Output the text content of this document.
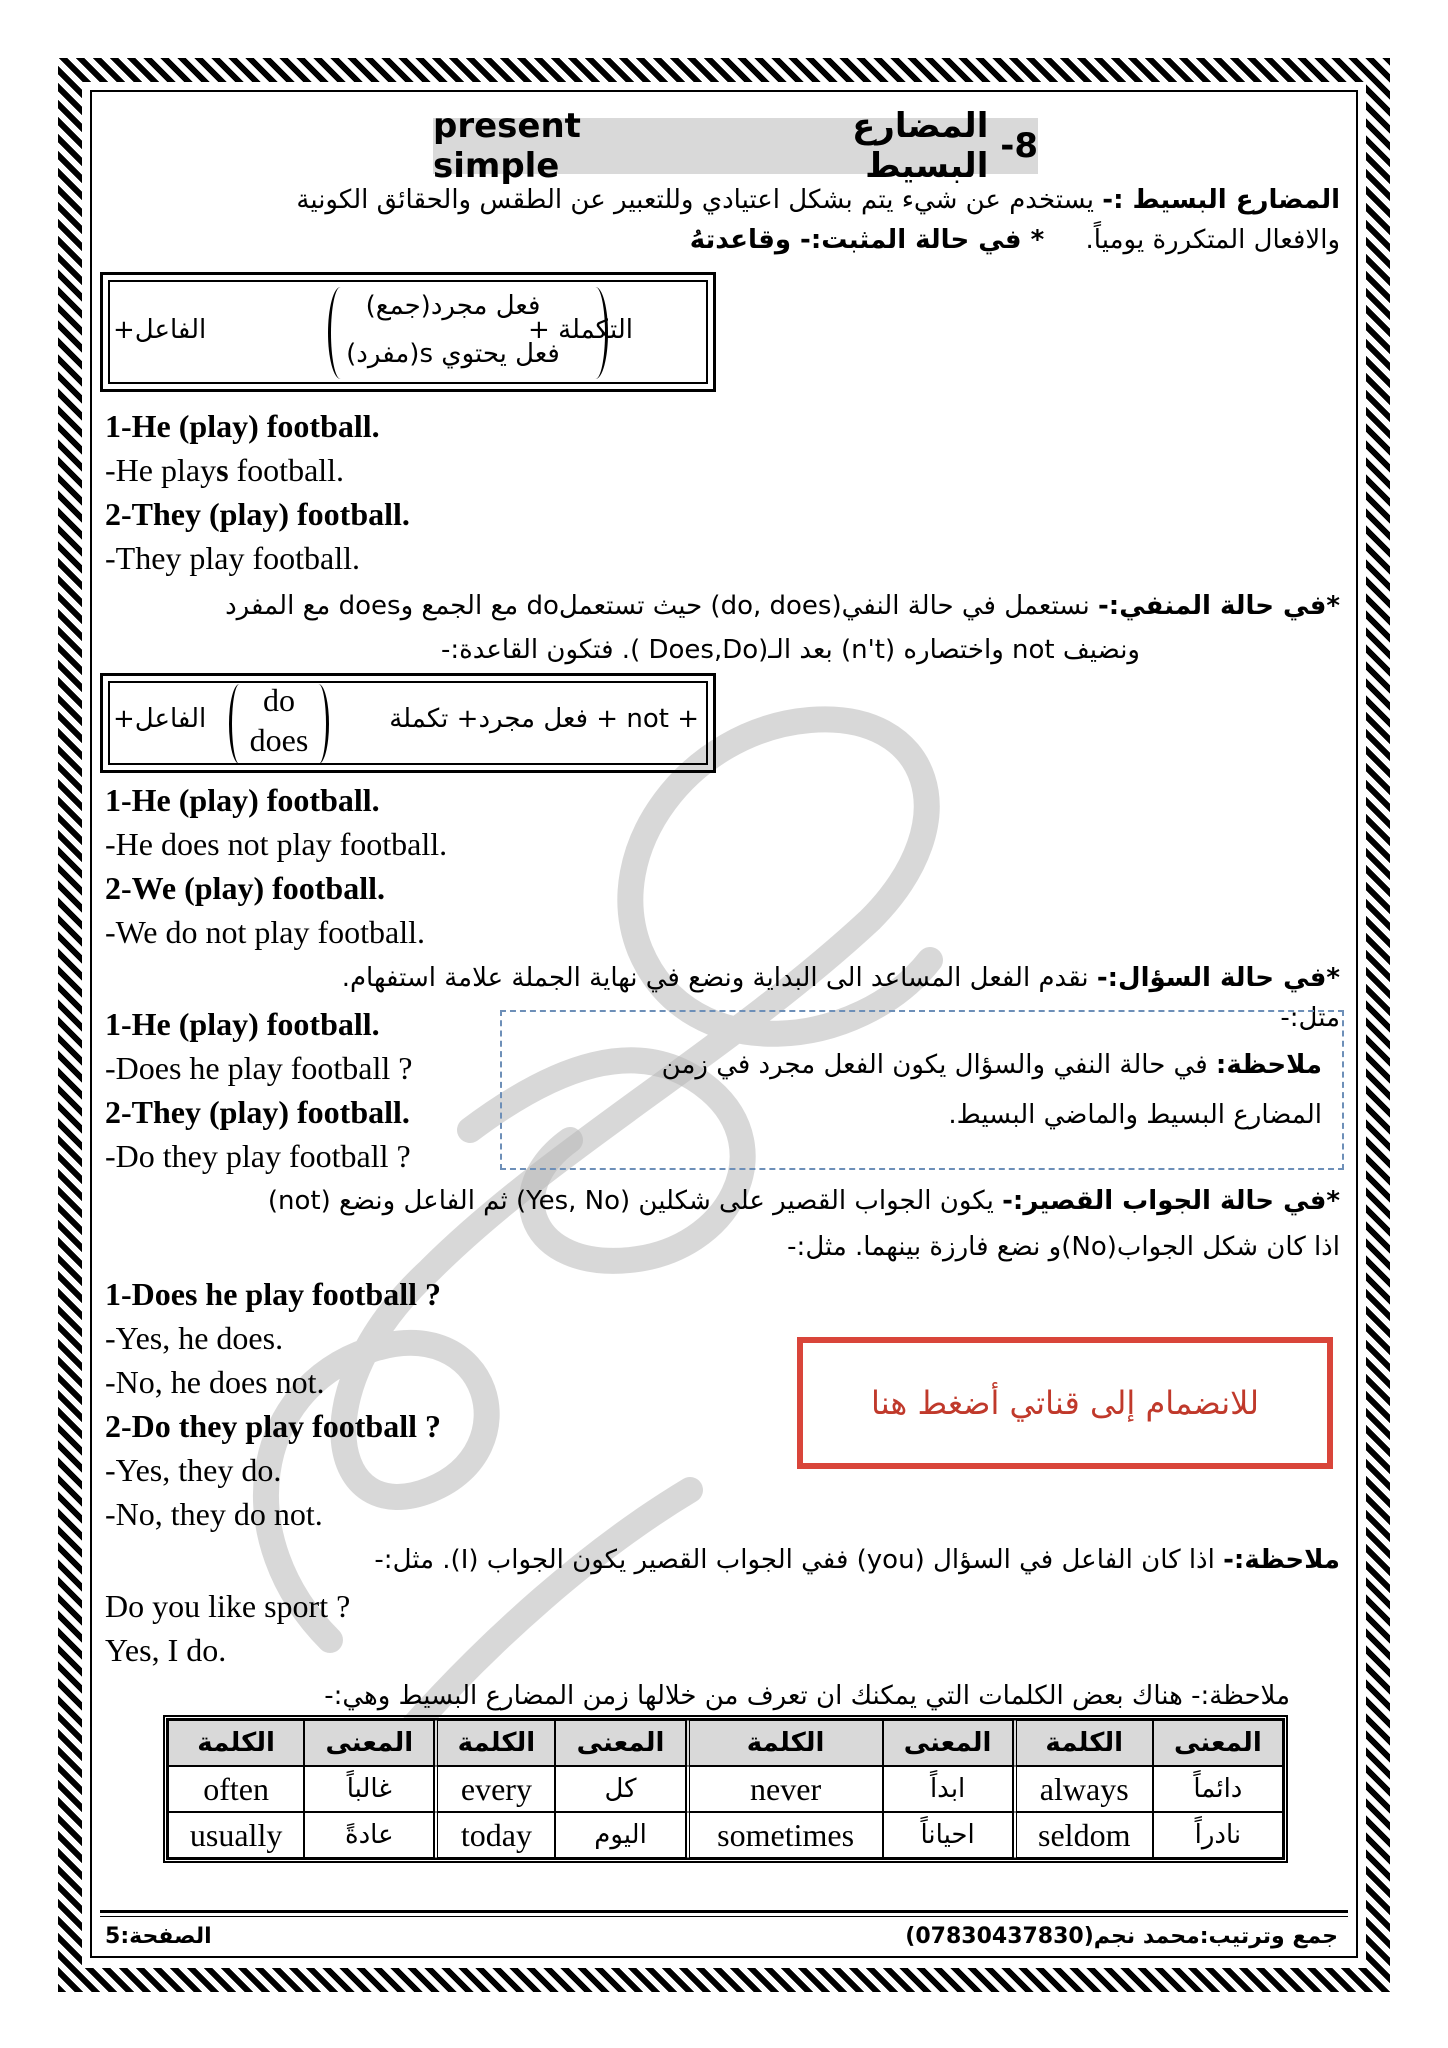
8-

المضارع البسيط
present simple
المضارع البسيط :- يستخدم عن شيء يتم بشكل اعتيادي وللتعبير عن الطقس والحقائق الكونية
والافعال المتكررة يومياً.     * في حالة المثبت:- وقاعدتهُ
التكملة +
فعل مجرد(جمع)
فعل يحتوي s(مفرد)
الفاعل+
1-He (play) football.
-He plays football.
2-They (play) football.
-They play football.
*في حالة المنفي:- نستعمل في حالة النفي(do, does) حيث تستعملdo مع الجمع وdoes مع المفرد
ونضيف not واختصاره (n't) بعد الـ(Does,Do ). فتكون القاعدة:-
+ not + فعل مجرد+ تكملة
do
does
الفاعل+
1-He (play) football.
-He does not play football.
2-We (play) football.
-We do not play football.
*في حالة السؤال:- نقدم الفعل المساعد الى البداية ونضع في نهاية الجملة علامة استفهام. مثل:-
1-He (play) football.
-Does he play football ?
2-They (play) football.
-Do they play football ?
ملاحظة: في حالة النفي والسؤال يكون الفعل مجرد في زمن
المضارع البسيط والماضي البسيط.
*في حالة الجواب القصير:- يكون الجواب القصير على شكلين (Yes, No) ثم الفاعل ونضع (not)
اذا كان شكل الجواب(No)و نضع فارزة بينهما. مثل:-
1-Does he play football ?
-Yes, he does.
-No, he does not.
2-Do they play football ?
-Yes, they do.
-No, they do not.
للانضمام إلى قناتي أضغط هنا
ملاحظة:- اذا كان الفاعل في السؤال (you) ففي الجواب القصير يكون الجواب (I). مثل:-
Do you like sport ?
Yes, I do.
ملاحظة:- هناك بعض الكلمات التي يمكنك ان تعرف من خلالها زمن المضارع البسيط وهي:-
الكلمة	المعنى	الكلمة	المعنى	الكلمة	المعنى	الكلمة	المعنى
often	غالباً	every	كل	never	ابداً	always	دائماً
usually	عادةً	today	اليوم	sometimes	احياناً	seldom	نادراً
الصفحة:5	جمع وترتيب:محمد نجم(07830437830)
